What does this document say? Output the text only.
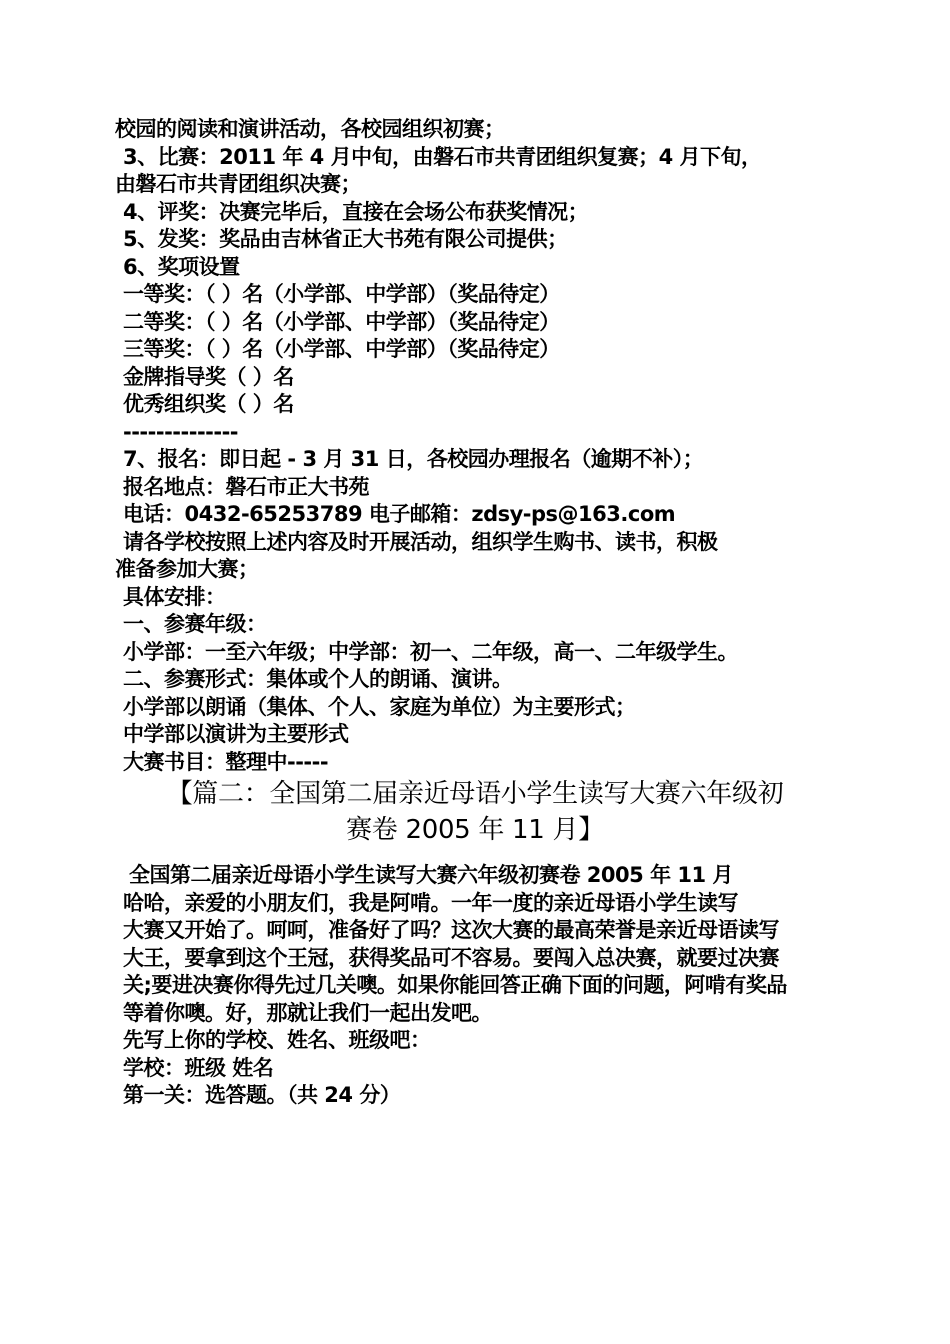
校园的阅读和演讲活动，各校园组织初赛；
3、比赛：2011 年 4 月中旬，由磐石市共青团组织复赛；4 月下旬，
由磐石市共青团组织决赛；
4、评奖：决赛完毕后，直接在会场公布获奖情况；
5、发奖：奖品由吉林省正大书苑有限公司提供；
6、奖项设置
一等奖：（ ）名（小学部、中学部）（奖品待定）
二等奖：（ ）名（小学部、中学部）（奖品待定）
三等奖：（ ）名（小学部、中学部）（奖品待定）
金牌指导奖（ ）名
优秀组织奖（ ）名
--------------
7、报名：即日起 - 3 月 31 日，各校园办理报名（逾期不补）；
报名地点：磐石市正大书苑
电话：0432-65253789 电子邮箱：zdsy-ps@163.com
请各学校按照上述内容及时开展活动，组织学生购书、读书，积极
准备参加大赛；
具体安排：
一、参赛年级：
小学部：一至六年级；中学部：初一、二年级，高一、二年级学生。
二、参赛形式：集体或个人的朗诵、演讲。
小学部以朗诵（集体、个人、家庭为单位）为主要形式；
中学部以演讲为主要形式
大赛书目：整理中-----
【篇二：全国第二届亲近母语小学生读写大赛六年级初
赛卷 2005 年 11 月】
全国第二届亲近母语小学生读写大赛六年级初赛卷 2005 年 11 月
哈哈，亲爱的小朋友们，我是阿啃。一年一度的亲近母语小学生读写
大赛又开始了。呵呵，准备好了吗？这次大赛的最高荣誉是亲近母语读写
大王，要拿到这个王冠，获得奖品可不容易。要闯入总决赛，就要过决赛
关;要进决赛你得先过几关噢。如果你能回答正确下面的问题，阿啃有奖品
等着你噢。好，那就让我们一起出发吧。
先写上你的学校、姓名、班级吧：
学校：班级 姓名
第一关：选答题。（共 24 分）
